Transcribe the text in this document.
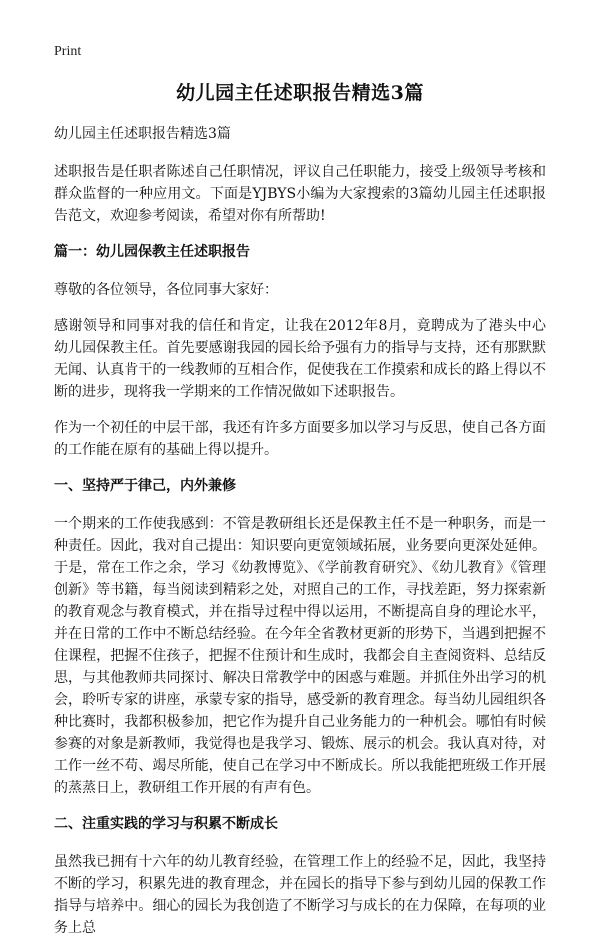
Print
幼儿园主任述职报告精选3篇
幼儿园主任述职报告精选3篇

述职报告是任职者陈述自己任职情况，评议自己任职能力，接受上级领导考核和群众监督的一种应用文。下面是YJBYS小编为大家搜索的3篇幼儿园主任述职报告范文，欢迎参考阅读，希望对你有所帮助!

篇一：幼儿园保教主任述职报告

尊敬的各位领导，各位同事大家好：

感谢领导和同事对我的信任和肯定，让我在2012年8月，竟聘成为了港头中心幼儿园保教主任。首先要感谢我园的园长给予强有力的指导与支持，还有那默默无闻、认真肯干的一线教师的互相合作，促使我在工作摸索和成长的路上得以不断的进步，现将我一学期来的工作情况做如下述职报告。

作为一个初任的中层干部，我还有许多方面要多加以学习与反思，使自己各方面的工作能在原有的基础上得以提升。

一、坚持严于律己，内外兼修

一个期来的工作使我感到：不管是教研组长还是保教主任不是一种职务，而是一种责任。因此，我对自己提出：知识要向更宽领域拓展，业务要向更深处延伸。于是，常在工作之余，学习《幼教博览》、《学前教育研究》、《幼儿教育》《管理创新》等书籍，每当阅读到精彩之处，对照自己的工作，寻找差距，努力探索新的教育观念与教育模式，并在指导过程中得以运用，不断提高自身的理论水平，并在日常的工作中不断总结经验。在今年全省教材更新的形势下，当遇到把握不住课程，把握不住孩子，把握不住预计和生成时，我都会自主查阅资料、总结反思，与其他教师共同探讨、解决日常教学中的困惑与难题。并抓住外出学习的机会，聆听专家的讲座，承蒙专家的指导，感受新的教育理念。每当幼儿园组织各种比赛时，我都积极参加，把它作为提升自己业务能力的一种机会。哪怕有时候参赛的对象是新教师，我觉得也是我学习、锻炼、展示的机会。我认真对待，对工作一丝不苟、竭尽所能，使自己在学习中不断成长。所以我能把班级工作开展的蒸蒸日上，教研组工作开展的有声有色。

二、注重实践的学习与积累不断成长

虽然我已拥有十六年的幼儿教育经验，在管理工作上的经验不足，因此，我坚持不断的学习，积累先进的教育理念，并在园长的指导下参与到幼儿园的保教工作指导与培养中。细心的园长为我创造了不断学习与成长的在力保障，在每项的业务上总
